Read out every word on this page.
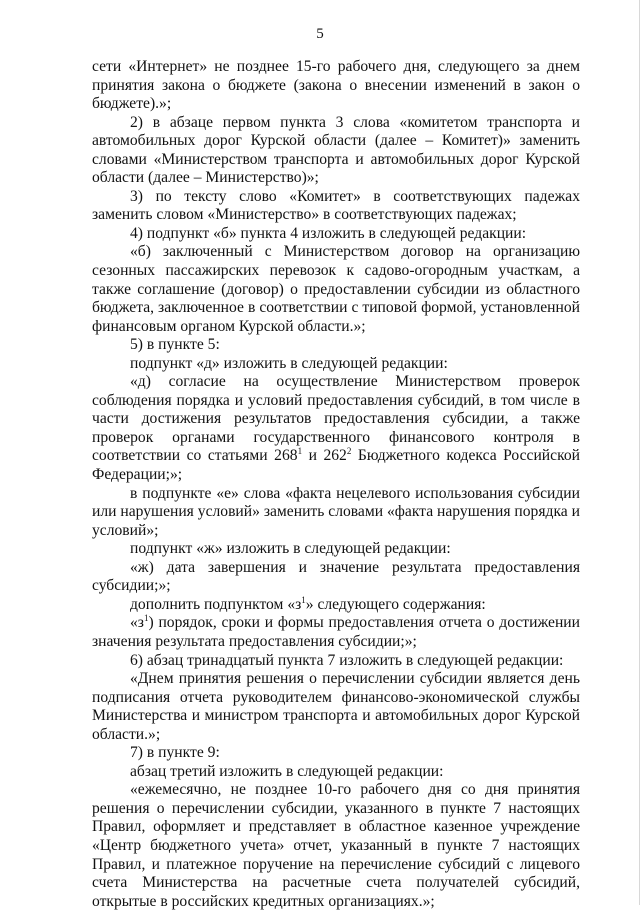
5

сети «Интернет» не позднее 15-го рабочего дня, следующего за днем принятия закона о бюджете (закона о внесении изменений в закон о бюджете).»;

2) в абзаце первом пункта 3 слова «комитетом транспорта и автомобильных дорог Курской области (далее – Комитет)» заменить словами «Министерством транспорта и автомобильных дорог Курской области (далее – Министерство)»;

3) по тексту слово «Комитет» в соответствующих падежах заменить словом «Министерство» в соответствующих падежах;

4) подпункт «б» пункта 4 изложить в следующей редакции:

«б) заключенный с Министерством договор на организацию сезонных пассажирских перевозок к садово-огородным участкам, а также соглашение (договор) о предоставлении субсидии из областного бюджета, заключенное в соответствии с типовой формой, установленной финансовым органом Курской области.»;

5) в пункте 5:

подпункт «д» изложить в следующей редакции:

«д) согласие на осуществление Министерством проверок соблюдения порядка и условий предоставления субсидий, в том числе в части достижения результатов предоставления субсидии, а также проверок органами государственного финансового контроля в соответствии со статьями $268^1$ и $262^2$ Бюджетного кодекса Российской Федерации;»;

в подпункте «е» слова «факта нецелевого использования субсидии или нарушения условий» заменить словами «факта нарушения порядка и условий»;

подпункт «ж» изложить в следующей редакции:

«ж) дата завершения и значение результата предоставления субсидии;»;

дополнить подпунктом «$з^1$» следующего содержания:

«$з^1$) порядок, сроки и формы предоставления отчета о достижении значения результата предоставления субсидии;»;

6) абзац тринадцатый пункта 7 изложить в следующей редакции:

«Днем принятия решения о перечислении субсидии является день подписания отчета руководителем финансово-экономической службы Министерства и министром транспорта и автомобильных дорог Курской области.»;

7) в пункте 9:

абзац третий изложить в следующей редакции:

«ежемесячно, не позднее 10-го рабочего дня со дня принятия решения о перечислении субсидии, указанного в пункте 7 настоящих Правил, оформляет и представляет в областное казенное учреждение «Центр бюджетного учета» отчет, указанный в пункте 7 настоящих Правил, и платежное поручение на перечисление субсидий с лицевого счета Министерства на расчетные счета получателей субсидий, открытые в российских кредитных организациях.»;
